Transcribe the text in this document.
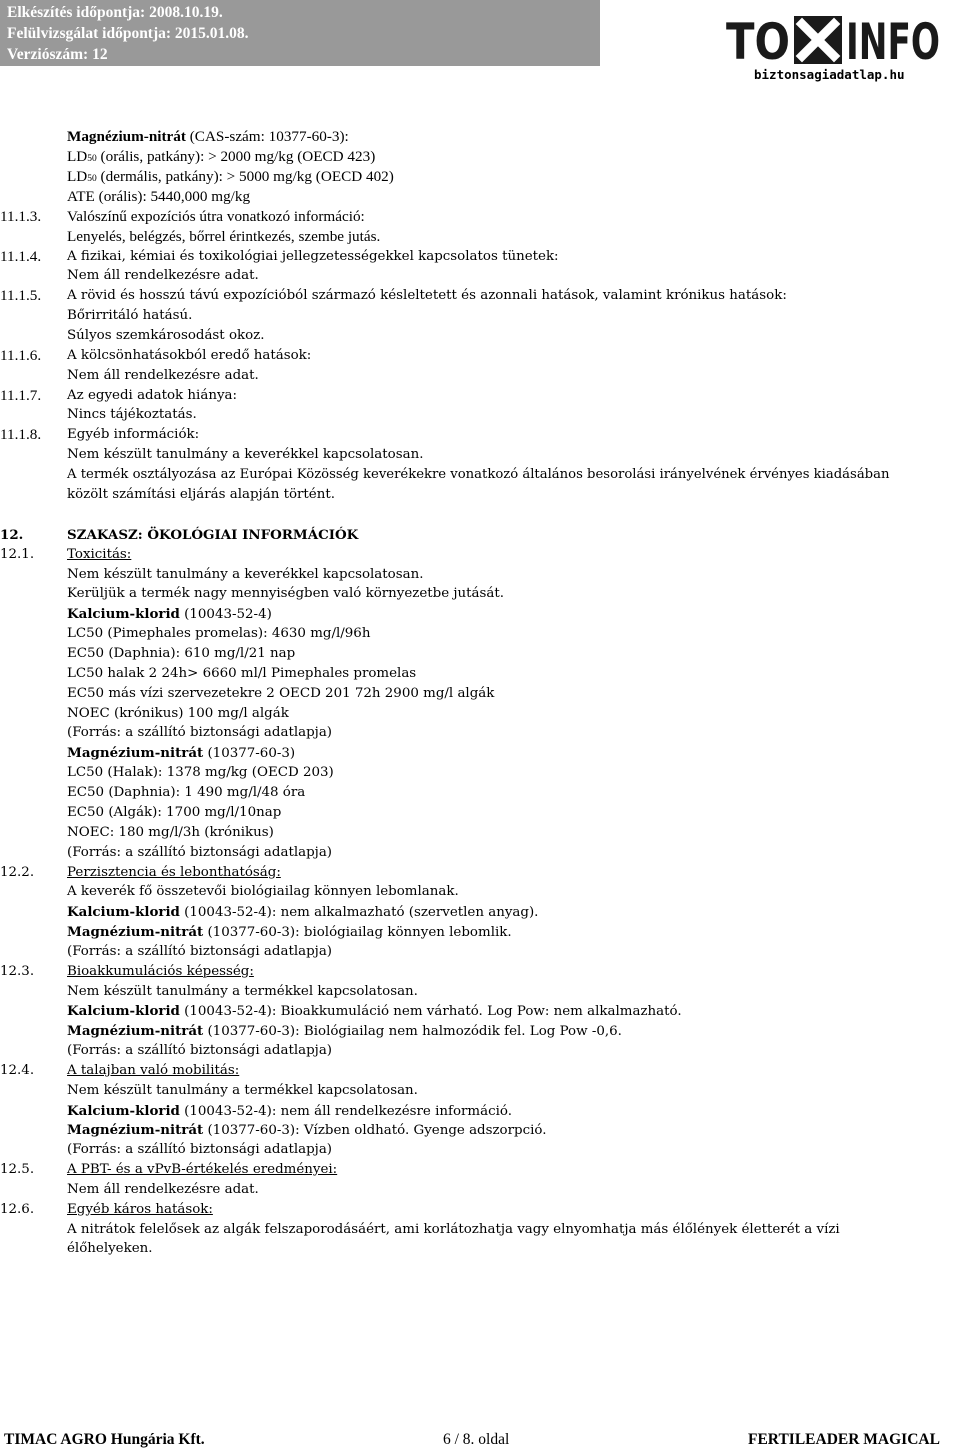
Elkészítés időpontja: 2008.10.19.
Felülvizsgálat időpontja: 2015.01.08.
Verziószám: 12	TO INFO
biztonsagiadatlap.hu
Magnézium-nitrát (CAS-szám: 10377-60-3):
LD50 (orális, patkány): > 2000 mg/kg (OECD 423)
LD50 (dermális, patkány): > 5000 mg/kg (OECD 402)
ATE (orális): 5440,000 mg/kg
11.1.3. Valószínű expozíciós útra vonatkozó információ:
Lenyelés, belégzés, bőrrel érintkezés, szembe jutás.
11.1.4. A fizikai, kémiai és toxikológiai jellegzetességekkel kapcsolatos tünetek:
Nem áll rendelkezésre adat.
11.1.5. A rövid és hosszú távú expozícióból származó késleltetett és azonnali hatások, valamint krónikus hatások:
Bőrirritáló hatású.
Súlyos szemkárosodást okoz.
11.1.6. A kölcsönhatásokból eredő hatások:
Nem áll rendelkezésre adat.
11.1.7. Az egyedi adatok hiánya:
Nincs tájékoztatás.
11.1.8. Egyéb információk:
Nem készült tanulmány a keverékkel kapcsolatosan.
A termék osztályozása az Európai Közösség keverékekre vonatkozó általános besorolási irányelvének érvényes kiadásában
közölt számítási eljárás alapján történt.
12.	SZAKASZ: ÖKOLÓGIAI INFORMÁCIÓK
12.1. Toxicitás:
Nem készült tanulmány a keverékkel kapcsolatosan.
Kerüljük a termék nagy mennyiségben való környezetbe jutását.
Kalcium-klorid (10043-52-4)
LC50 (Pimephales promelas): 4630 mg/l/96h
EC50 (Daphnia): 610 mg/l/21 nap
LC50 halak 2 24h> 6660 ml/l Pimephales promelas
EC50 más vízi szervezetekre 2 OECD 201 72h 2900 mg/l algák
NOEC (krónikus) 100 mg/l algák
(Forrás: a szállító biztonsági adatlapja)
Magnézium-nitrát (10377-60-3)
LC50 (Halak): 1378 mg/kg (OECD 203)
EC50 (Daphnia): 1 490 mg/l/48 óra
EC50 (Algák): 1700 mg/l/10nap
NOEC: 180 mg/l/3h (krónikus)
(Forrás: a szállító biztonsági adatlapja)
12.2. Perzisztencia és lebonthatóság:
A keverék fő összetevői biológiailag könnyen lebomlanak.
Kalcium-klorid (10043-52-4): nem alkalmazható (szervetlen anyag).
Magnézium-nitrát (10377-60-3): biológiailag könnyen lebomlik.
(Forrás: a szállító biztonsági adatlapja)
12.3. Bioakkumulációs képesség:
Nem készült tanulmány a termékkel kapcsolatosan.
Kalcium-klorid (10043-52-4): Bioakkumuláció nem várható. Log Pow: nem alkalmazható.
Magnézium-nitrát (10377-60-3): Biológiailag nem halmozódik fel. Log Pow -0,6.
(Forrás: a szállító biztonsági adatlapja)
12.4. A talajban való mobilitás:
Nem készült tanulmány a termékkel kapcsolatosan.
Kalcium-klorid (10043-52-4): nem áll rendelkezésre információ.
Magnézium-nitrát (10377-60-3): Vízben oldható. Gyenge adszorpció.
(Forrás: a szállító biztonsági adatlapja)
12.5. A PBT- és a vPvB-értékelés eredményei:
Nem áll rendelkezésre adat.
12.6. Egyéb káros hatások:
A nitrátok felelősek az algák felszaporodásáért, ami korlátozhatja vagy elnyomhatja más élőlények életterét a vízi
élőhelyeken.
TIMAC AGRO Hungária Kft.	6 / 8. oldal	FERTILEADER MAGICAL
